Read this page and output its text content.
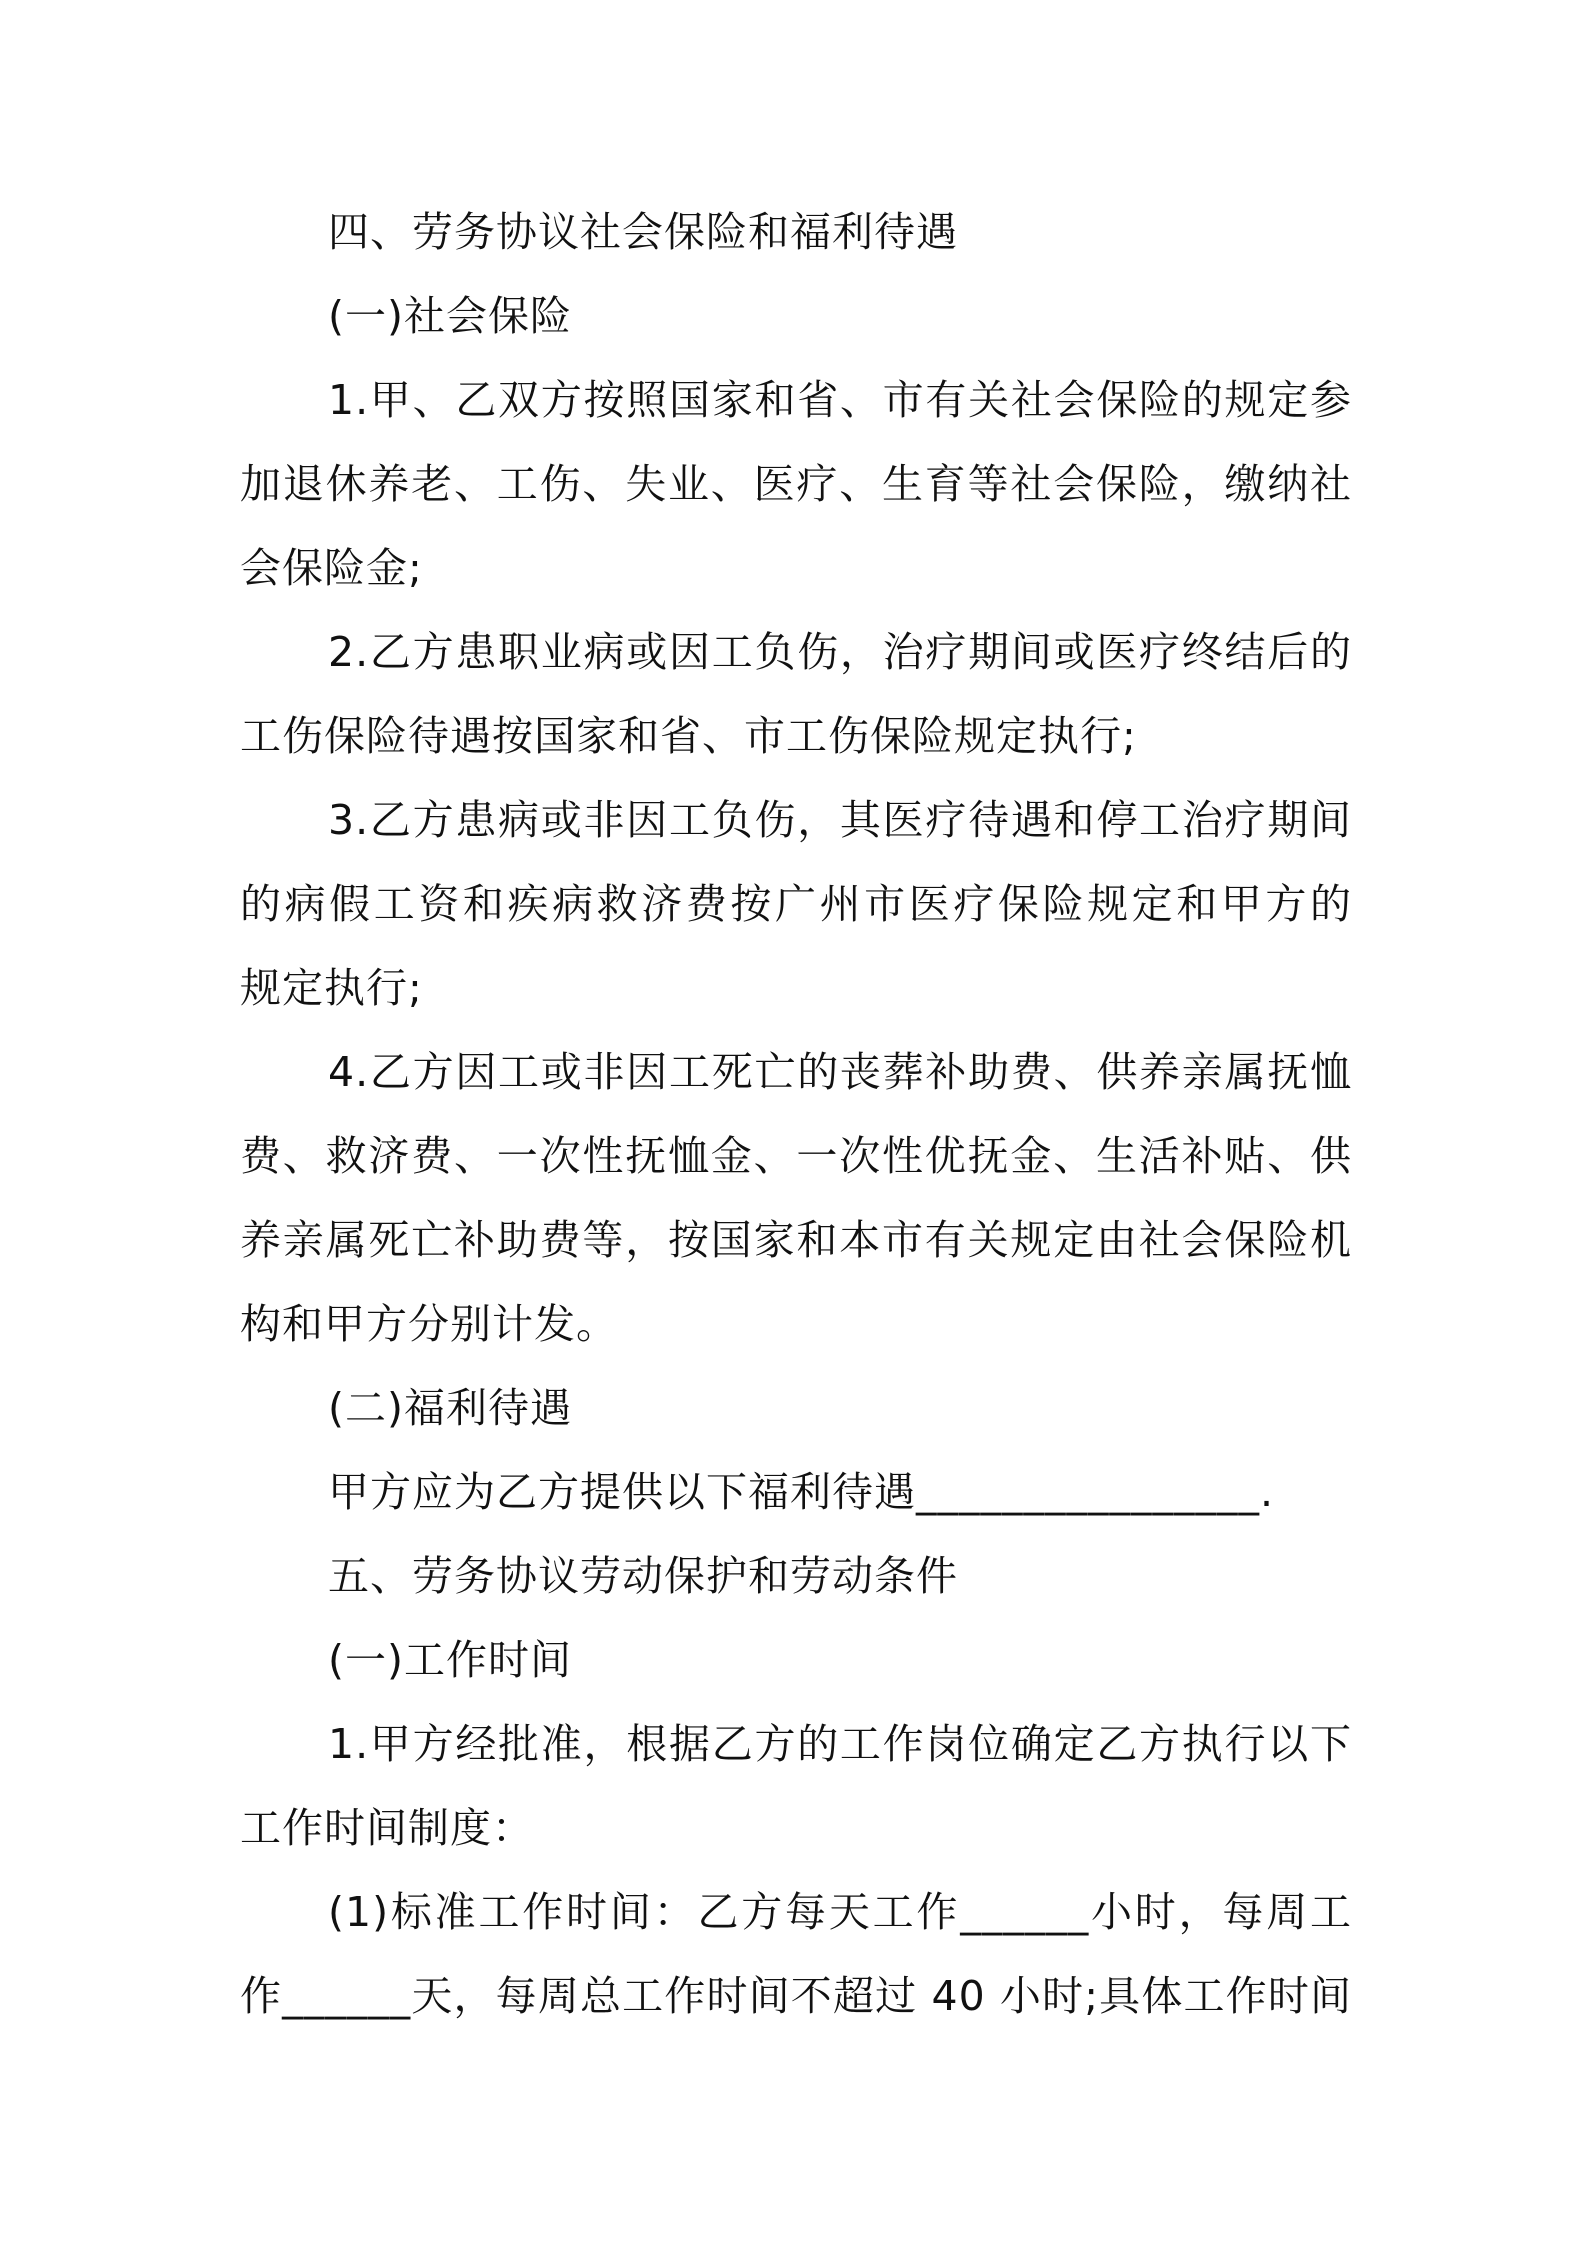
四、劳务协议社会保险和福利待遇
(一)社会保险
1.甲、乙双方按照国家和省、市有关社会保险的规定参
加退休养老、工伤、失业、医疗、生育等社会保险，缴纳社
会保险金;
2.乙方患职业病或因工负伤，治疗期间或医疗终结后的
工伤保险待遇按国家和省、市工伤保险规定执行;
3.乙方患病或非因工负伤，其医疗待遇和停工治疗期间
的病假工资和疾病救济费按广州市医疗保险规定和甲方的
规定执行;
4.乙方因工或非因工死亡的丧葬补助费、供养亲属抚恤
费、救济费、一次性抚恤金、一次性优抚金、生活补贴、供
养亲属死亡补助费等，按国家和本市有关规定由社会保险机
构和甲方分别计发。
(二)福利待遇
甲方应为乙方提供以下福利待遇________________.
五、劳务协议劳动保护和劳动条件
(一)工作时间
1.甲方经批准，根据乙方的工作岗位确定乙方执行以下
工作时间制度：
(1)标准工作时间：乙方每天工作______小时，每周工
作______天，每周总工作时间不超过 40 小时;具体工作时间
